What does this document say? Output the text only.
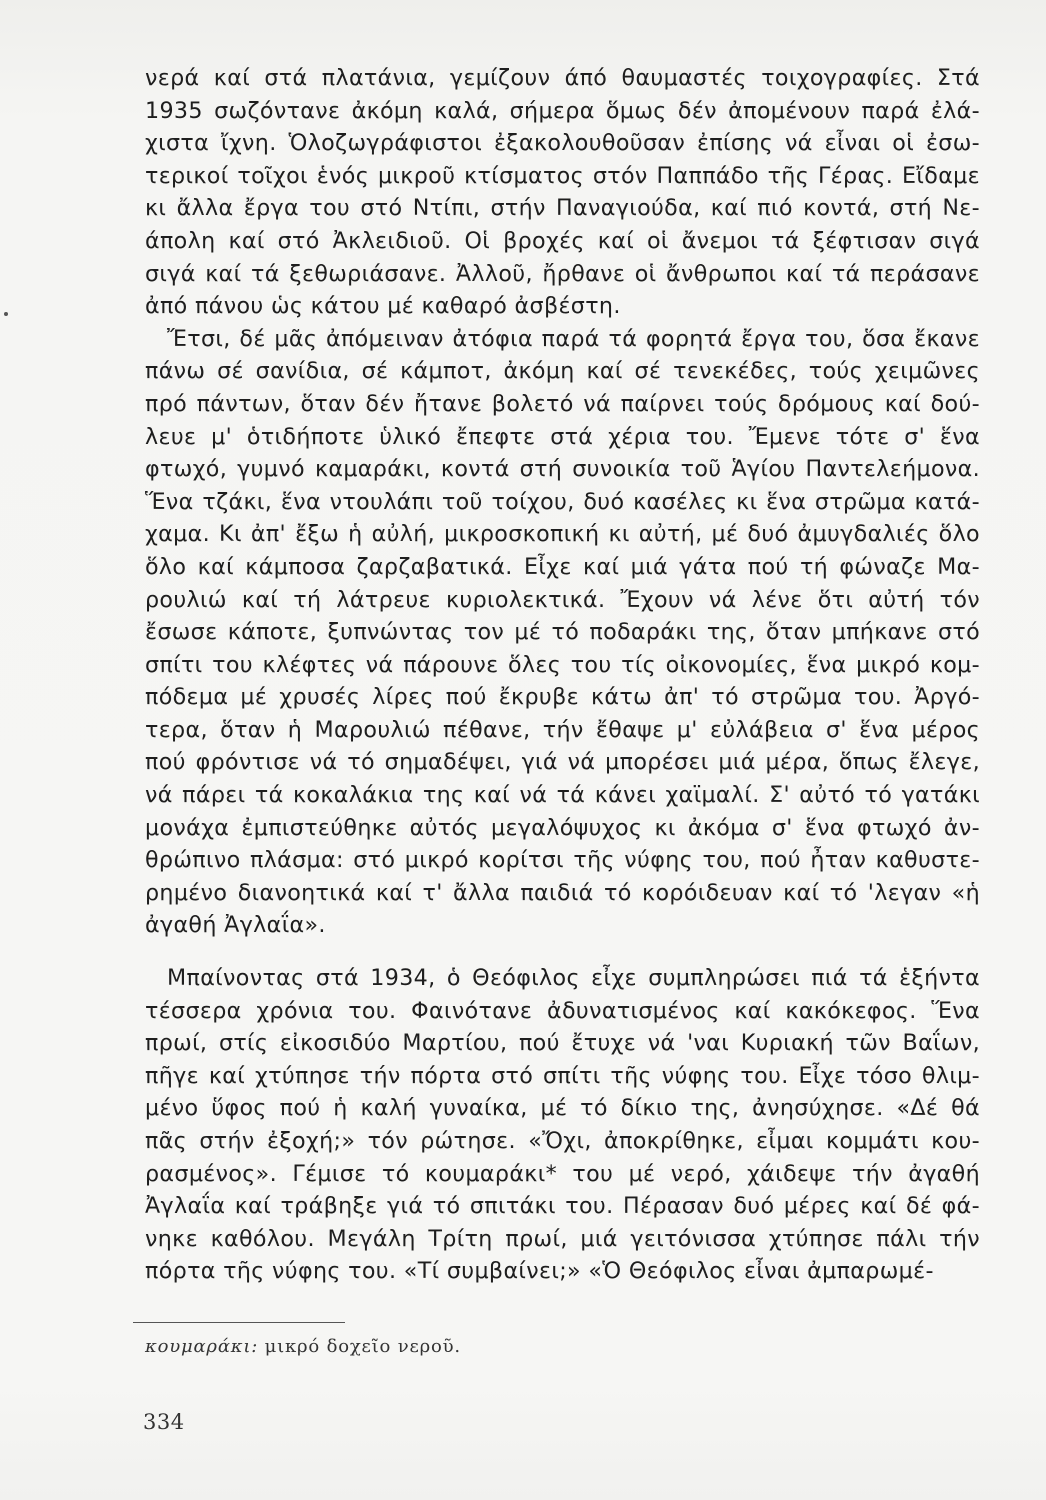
νερά καί στά πλατάνια, γεμίζουν άπό θαυμαστές τοιχογραφίες. Στά
1935 σωζόντανε ἀκόμη καλά, σήμερα ὅμως δέν ἀπομένουν παρά ἐλά-
χιστα ἴχνη. Ὁλοζωγράφιστοι ἐξακολουθοῦσαν ἐπίσης νά εἶναι οἱ ἐσω-
τερικοί τοῖχοι ἑνός μικροῦ κτίσματος στόν Παππάδο τῆς Γέρας. Εἴδαμε
κι ἄλλα ἔργα του στό Ντίπι, στήν Παναγιούδα, καί πιό κοντά, στή Νε-
άπολη καί στό Ἀκλειδιοῦ. Οἱ βροχές καί οἱ ἄνεμοι τά ξέφτισαν σιγά
σιγά καί τά ξεθωριάσανε. Ἀλλοῦ, ἤρθανε οἱ ἄνθρωποι καί τά περάσανε
ἀπό πάνου ὡς κάτου μέ καθαρό ἀσβέστη.
Ἔτσι, δέ μᾶς ἀπόμειναν ἀτόφια παρά τά φορητά ἔργα του, ὅσα ἔκανε
πάνω σέ σανίδια, σέ κάμποτ, ἀκόμη καί σέ τενεκέδες, τούς χειμῶνες
πρό πάντων, ὅταν δέν ἤτανε βολετό νά παίρνει τούς δρόμους καί δού-
λευε μ' ὁτιδήποτε ὑλικό ἔπεφτε στά χέρια του. Ἔμενε τότε σ' ἕνα
φτωχό, γυμνό καμαράκι, κοντά στή συνοικία τοῦ Ἁγίου Παντελεήμονα.
Ἕνα τζάκι, ἕνα ντουλάπι τοῦ τοίχου, δυό κασέλες κι ἕνα στρῶμα κατά-
χαμα. Κι ἀπ' ἔξω ἡ αὐλή, μικροσκοπική κι αὐτή, μέ δυό ἀμυγδαλιές ὅλο
ὅλο καί κάμποσα ζαρζαβατικά. Εἶχε καί μιά γάτα πού τή φώναζε Μα-
ρουλιώ καί τή λάτρευε κυριολεκτικά. Ἔχουν νά λένε ὅτι αὐτή τόν
ἔσωσε κάποτε, ξυπνώντας τον μέ τό ποδαράκι της, ὅταν μπήκανε στό
σπίτι του κλέφτες νά πάρουνε ὅλες του τίς οἰκονομίες, ἕνα μικρό κομ-
πόδεμα μέ χρυσές λίρες πού ἔκρυβε κάτω ἀπ' τό στρῶμα του. Ἀργό-
τερα, ὅταν ἡ Μαρουλιώ πέθανε, τήν ἔθαψε μ' εὐλάβεια σ' ἕνα μέρος
πού φρόντισε νά τό σημαδέψει, γιά νά μπορέσει μιά μέρα, ὅπως ἔλεγε,
νά πάρει τά κοκαλάκια της καί νά τά κάνει χαϊμαλί. Σ' αὐτό τό γατάκι
μονάχα ἐμπιστεύθηκε αὐτός μεγαλόψυχος κι ἀκόμα σ' ἕνα φτωχό ἀν-
θρώπινο πλάσμα: στό μικρό κορίτσι τῆς νύφης του, πού ἦταν καθυστε-
ρημένο διανοητικά καί τ' ἄλλα παιδιά τό κορόιδευαν καί τό 'λεγαν «ἡ
ἀγαθή Ἀγλαΐα».
Μπαίνοντας στά 1934, ὁ Θεόφιλος εἶχε συμπληρώσει πιά τά ἑξήντα
τέσσερα χρόνια του. Φαινότανε ἀδυνατισμένος καί κακόκεφος. Ἕνα
πρωί, στίς εἰκοσιδύο Μαρτίου, πού ἔτυχε νά 'ναι Κυριακή τῶν Βαΐων,
πῆγε καί χτύπησε τήν πόρτα στό σπίτι τῆς νύφης του. Εἶχε τόσο θλιμ-
μένο ὕφος πού ἡ καλή γυναίκα, μέ τό δίκιο της, ἀνησύχησε. «Δέ θά
πᾶς στήν ἐξοχή;» τόν ρώτησε. «Ὄχι, ἀποκρίθηκε, εἶμαι κομμάτι κου-
ρασμένος». Γέμισε τό κουμαράκι* του μέ νερό, χάιδεψε τήν ἀγαθή
Ἀγλαΐα καί τράβηξε γιά τό σπιτάκι του. Πέρασαν δυό μέρες καί δέ φά-
νηκε καθόλου. Μεγάλη Τρίτη πρωί, μιά γειτόνισσα χτύπησε πάλι τήν
πόρτα τῆς νύφης του. «Τί συμβαίνει;» «Ὁ Θεόφιλος εἶναι ἀμπαρωμέ-
κουμαράκι: μικρό δοχεῖο νεροῦ.
334
